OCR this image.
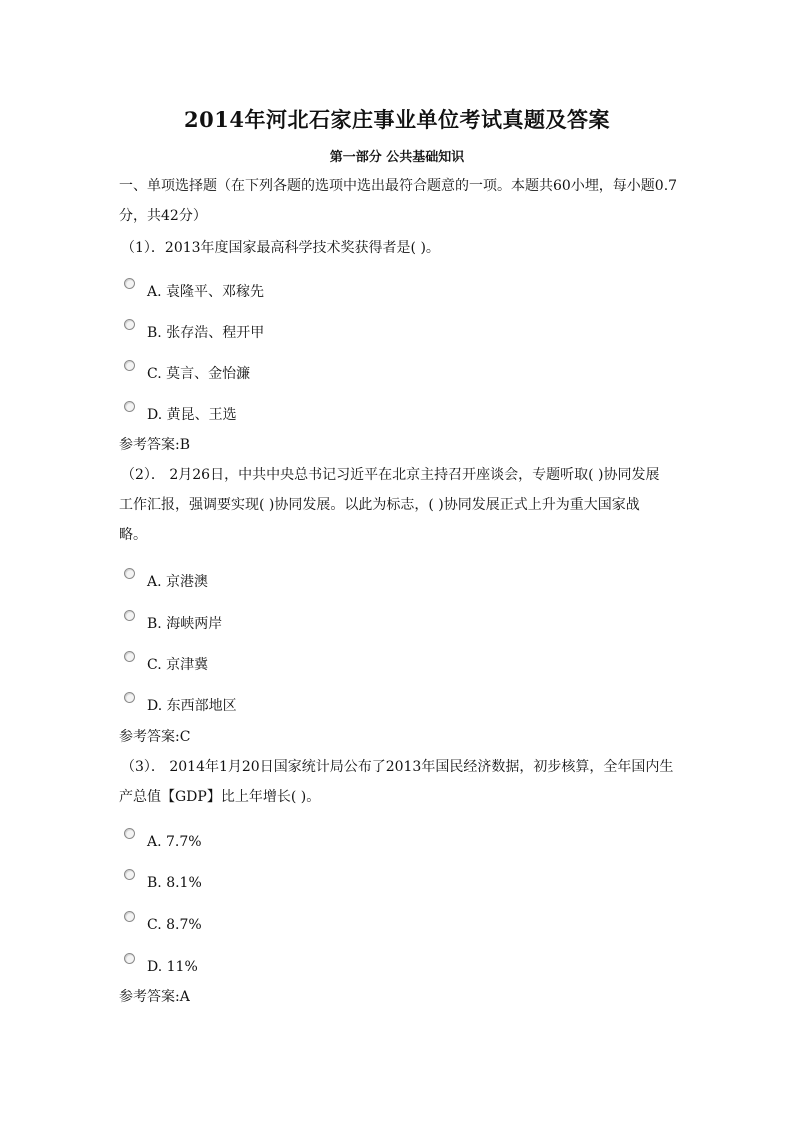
2014年河北石家庄事业单位考试真题及答案
第一部分 公共基础知识
一、单项选择题（在下列各题的选项中选出最符合题意的一项。本题共60小埋，每小题0.7
分，共42分）
（1）．2013年度国家最高科学技术奖获得者是( )。
A. 袁隆平、邓稼先
B. 张存浩、程开甲
C. 莫言、金怡濂
D. 黄昆、王选
参考答案:B
（2）． 2月26日，中共中央总书记习近平在北京主持召开座谈会，专题听取( )协同发展
工作汇报，强调要实现( )协同发展。以此为标志，( )协同发展正式上升为重大国家战
略。
A. 京港澳
B. 海峡两岸
C. 京津冀
D. 东西部地区
参考答案:C
（3）． 2014年1月20日国家统计局公布了2013年国民经济数据，初步核算，全年国内生
产总值【GDP】比上年增长( )。
A. 7.7%
B. 8.1%
C. 8.7%
D. 11%
参考答案:A
